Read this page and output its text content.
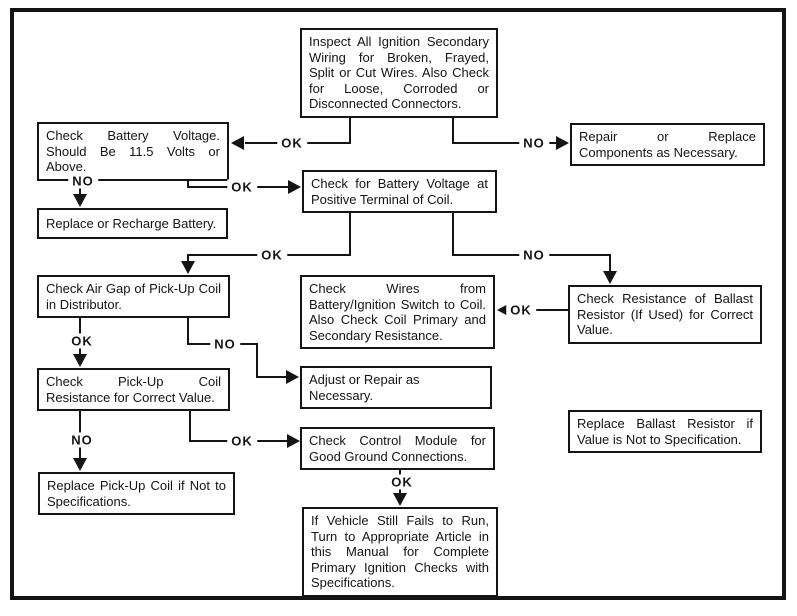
Inspect All Ignition Secondary Wiring for Broken, Frayed, Split or Cut Wires. Also Check for Loose, Corroded or Disconnected Connectors.
Check Battery Voltage. Should Be 11.5 Volts or Above.
Repair or Replace Components as Necessary.
Replace or Recharge Battery.
Check for Battery Voltage at Positive Terminal of Coil.
Check Air Gap of Pick-Up Coil in Distributor.
Check Wires from Battery/Ignition Switch to Coil. Also Check Coil Primary and Secondary Resistance.
Check Resistance of Ballast Resistor (If Used) for Correct Value.
Check Pick-Up Coil Resistance for Correct Value.
Adjust or Repair as Necessary.
Replace Ballast Resistor if Value is Not to Specification.
Replace Pick-Up Coil if Not to Specifications.
Check Control Module for Good Ground Connections.
If Vehicle Still Fails to Run, Turn to Appropriate Article in this Manual for Complete Primary Ignition Checks with Specifications.
OK	NO
NO	OK
OK	NO
OK
OK	NO
NO	OK
OK
